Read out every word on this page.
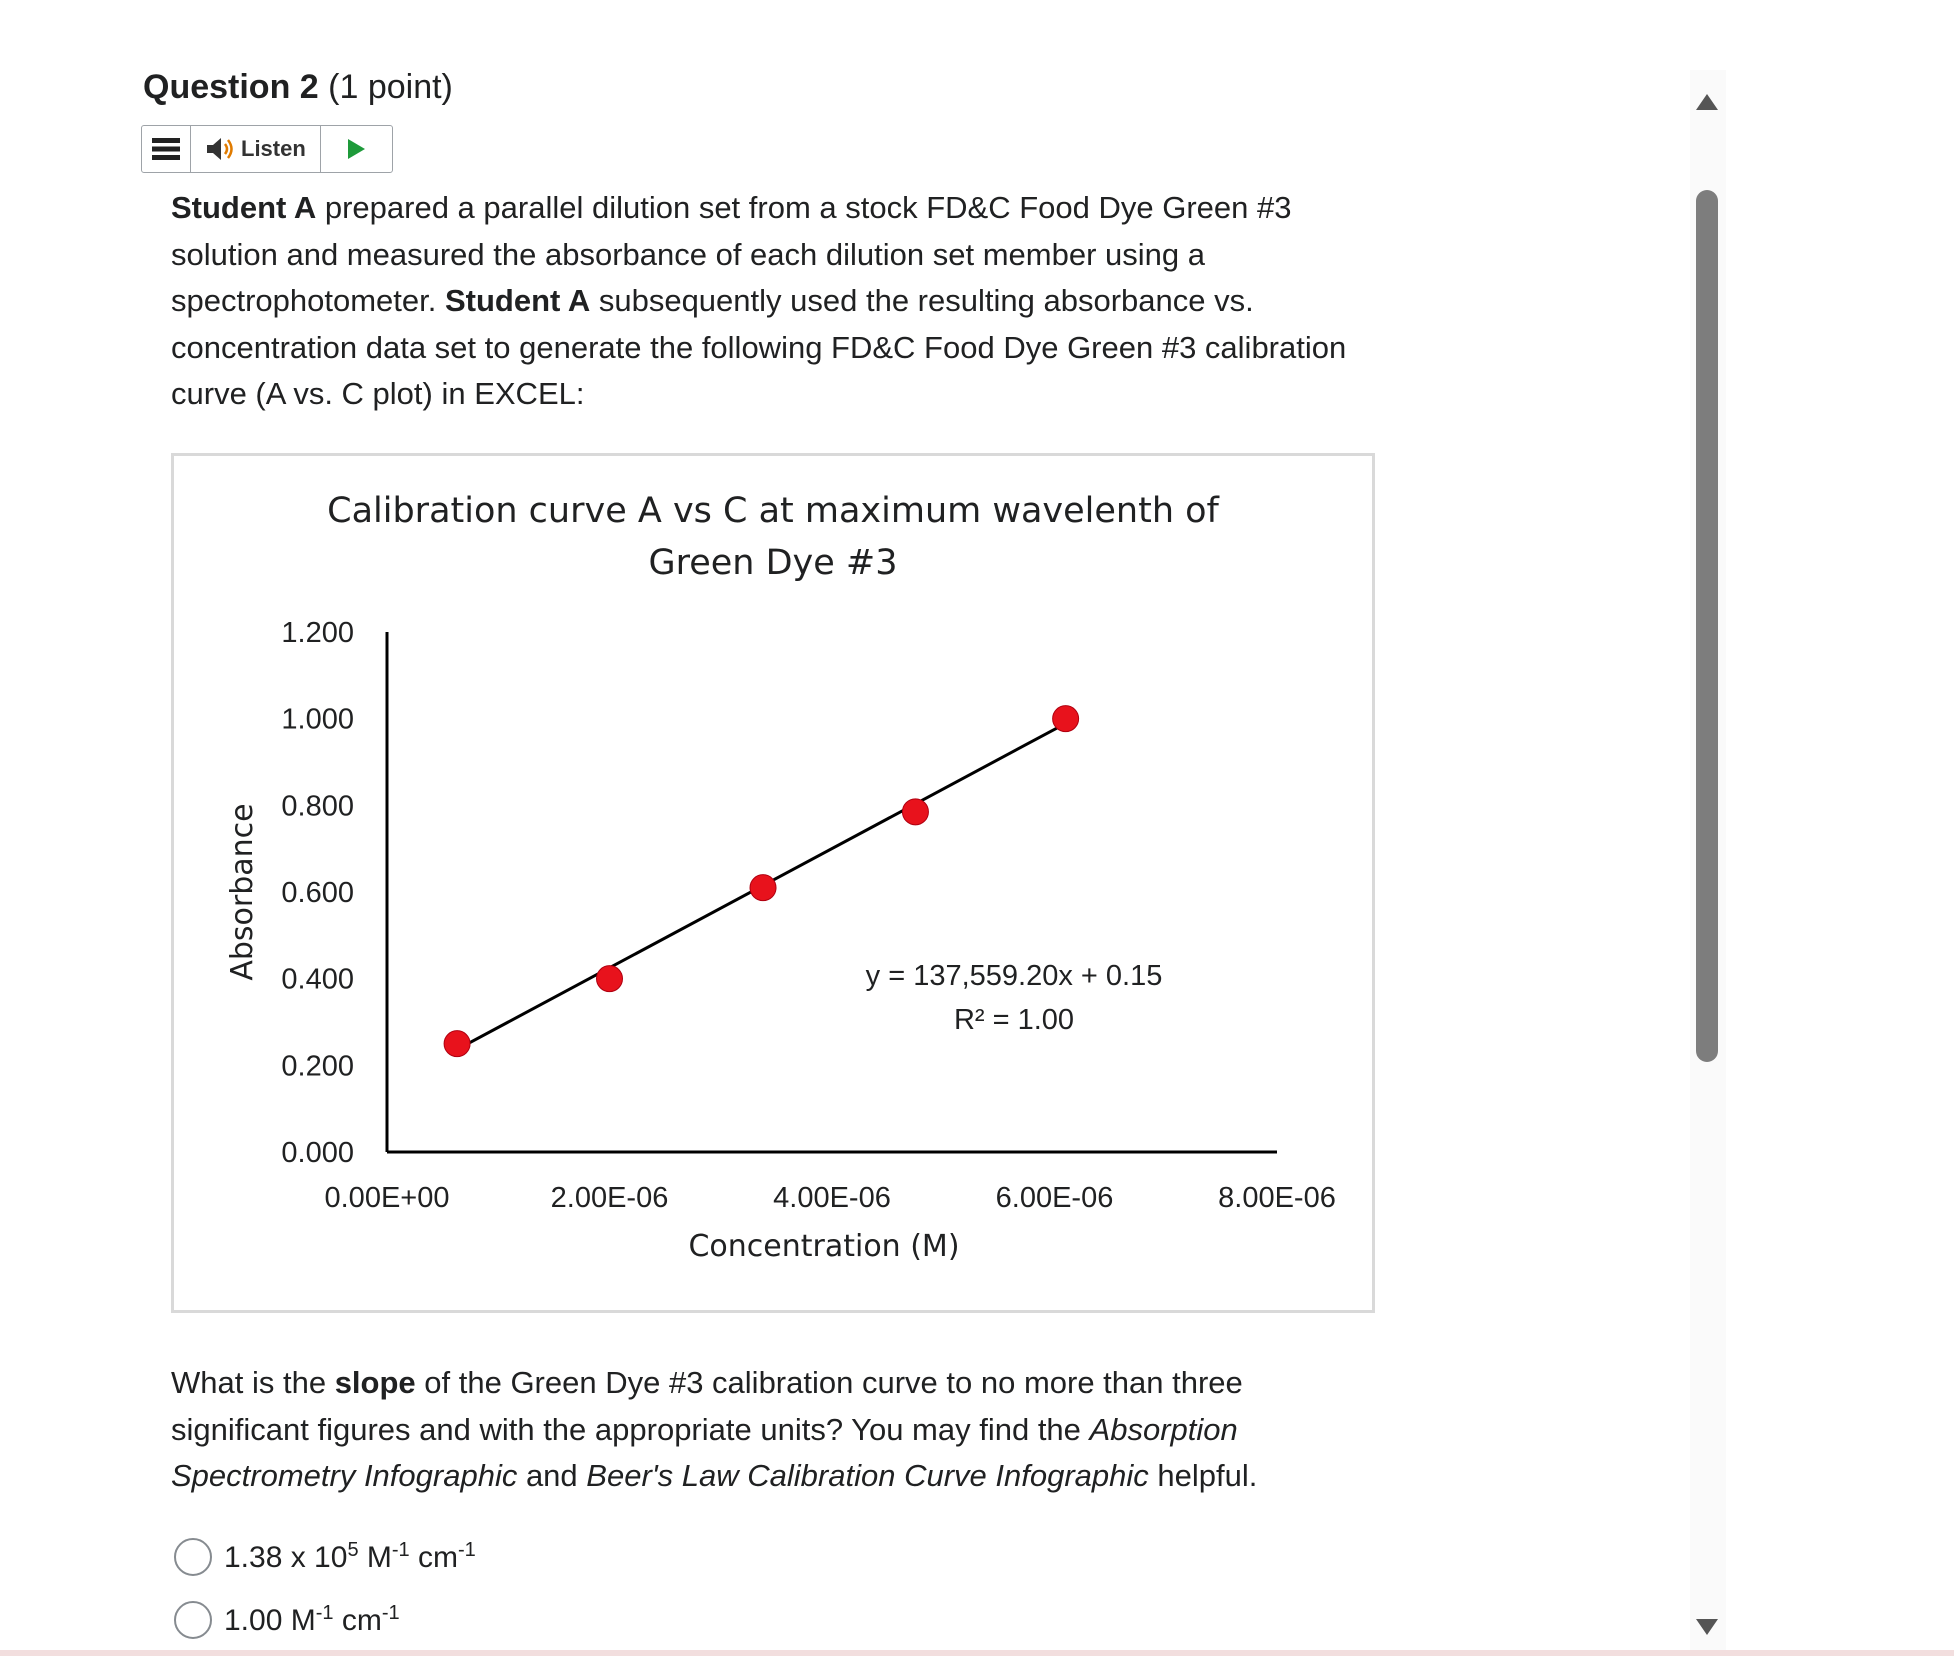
Question 2 (1 point)
Listen
Student A prepared a parallel dilution set from a stock FD&C Food Dye Green #3 solution and measured the absorbance of each dilution set member using a spectrophotometer. Student A subsequently used the resulting absorbance vs. concentration data set to generate the following FD&C Food Dye Green #3 calibration curve (A vs. C plot) in EXCEL:
Calibration curve A vs C at maximum wavelenth of
Green Dye #3
0.000
0.200
0.400
0.600
0.800
1.000
1.200
0.00E+00	2.00E-06	4.00E-06	6.00E-06	8.00E-06
Concentration (M)
Absorbance	y = 137,559.20x + 0.15
R² = 1.00
What is the slope of the Green Dye #3 calibration curve to no more than three significant figures and with the appropriate units? You may find the Absorption Spectrometry Infographic and Beer's Law Calibration Curve Infographic helpful.
1.38 x $10^5$ $M^{-1}$ $cm^{-1}$
1.00 $M^{-1}$ $cm^{-1}$
